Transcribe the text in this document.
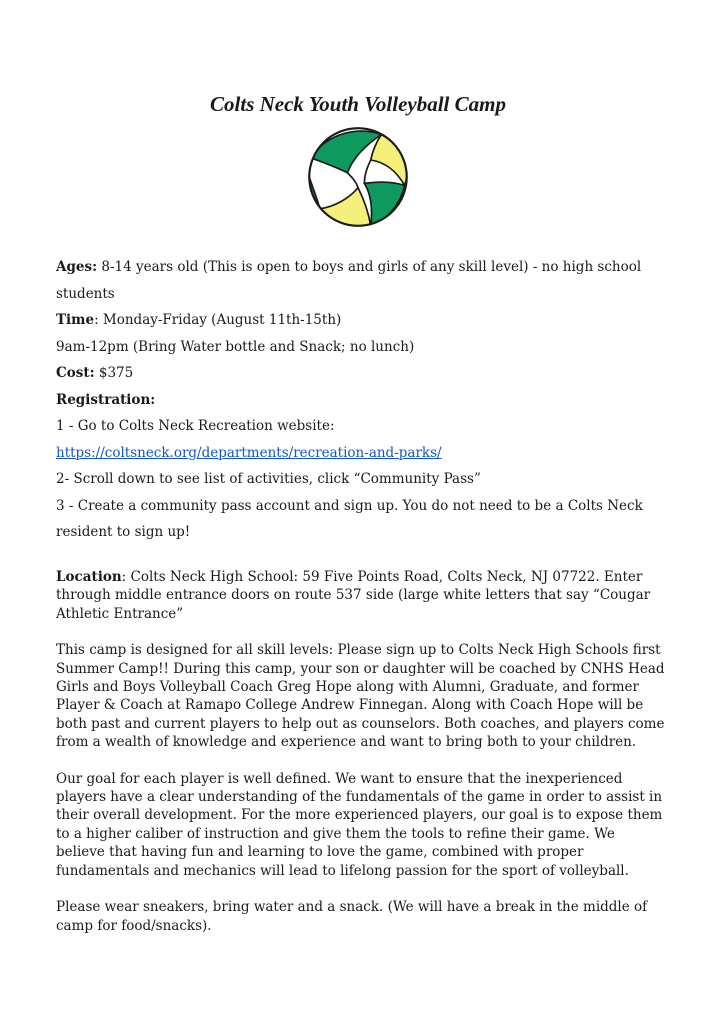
Colts Neck Youth Volleyball Camp

Ages: 8-14 years old (This is open to boys and girls of any skill level) - no high school students

Time: Monday-Friday (August 11th-15th)

9am-12pm (Bring Water bottle and Snack; no lunch)

Cost: $375

Registration:

1 - Go to Colts Neck Recreation website:

https://coltsneck.org/departments/recreation-and-parks/

2- Scroll down to see list of activities, click “Community Pass”

3 - Create a community pass account and sign up. You do not need to be a Colts Neck resident to sign up!

Location: Colts Neck High School: 59 Five Points Road, Colts Neck, NJ 07722. Enter through middle entrance doors on route 537 side (large white letters that say “Cougar Athletic Entrance”

This camp is designed for all skill levels: Please sign up to Colts Neck High Schools first Summer Camp!! During this camp, your son or daughter will be coached by CNHS Head Girls and Boys Volleyball Coach Greg Hope along with Alumni, Graduate, and former Player & Coach at Ramapo College Andrew Finnegan. Along with Coach Hope will be both past and current players to help out as counselors. Both coaches, and players come from a wealth of knowledge and experience and want to bring both to your children.

Our goal for each player is well defined. We want to ensure that the inexperienced players have a clear understanding of the fundamentals of the game in order to assist in their overall development. For the more experienced players, our goal is to expose them to a higher caliber of instruction and give them the tools to refine their game. We believe that having fun and learning to love the game, combined with proper fundamentals and mechanics will lead to lifelong passion for the sport of volleyball.

Please wear sneakers, bring water and a snack. (We will have a break in the middle of camp for food/snacks).
